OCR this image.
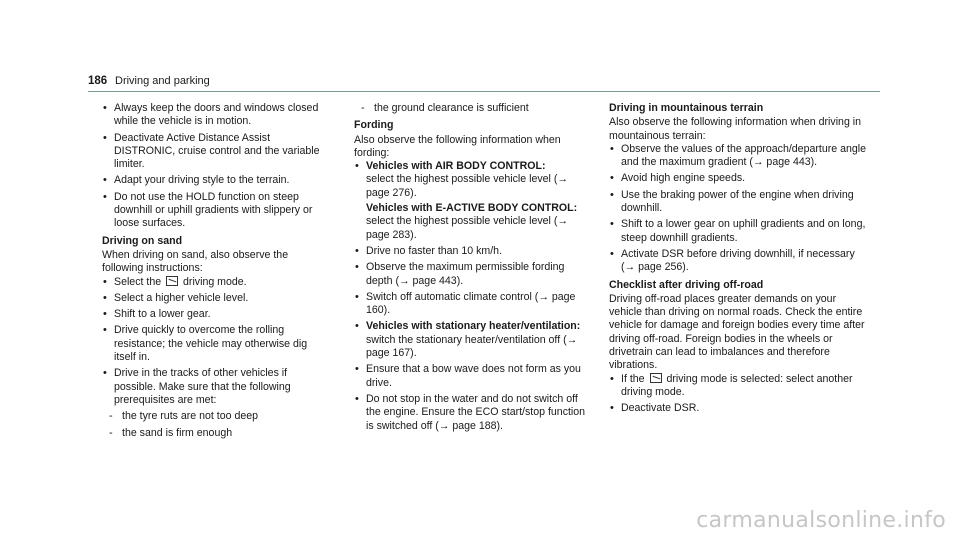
186 Driving and parking
• Always keep the doors and windows closed while the vehicle is in motion.
• Deactivate Active Distance Assist DISTRONIC, cruise control and the variable limiter.
• Adapt your driving style to the terrain.
• Do not use the HOLD function on steep downhill or uphill gradients with slippery or loose surfaces.

Driving on sand

When driving on sand, also observe the following instructions:

• Select the driving mode.
• Select a higher vehicle level.
• Shift to a lower gear.
• Drive quickly to overcome the rolling resistance; the vehicle may otherwise dig itself in.
• Drive in the tracks of other vehicles if possible. Make sure that the following prerequisites are met:
- the tyre ruts are not too deep
- the sand is firm enough
- the ground clearance is sufficient

Fording

Also observe the following information when fording:

• Vehicles with AIR BODY CONTROL:
select the highest possible vehicle level (→ page 276).
Vehicles with E-ACTIVE BODY CONTROL:
select the highest possible vehicle level (→ page 283).
• Drive no faster than 10 km/h.
• Observe the maximum permissible fording depth (→ page 443).
• Switch off automatic climate control (→ page 160).
• Vehicles with stationary heater/ventilation:
switch the stationary heater/ventilation off (→ page 167).
• Ensure that a bow wave does not form as you drive.
• Do not stop in the water and do not switch off the engine. Ensure the ECO start/stop function is switched off (→ page 188).

Driving in mountainous terrain

Also observe the following information when driving in mountainous terrain:

• Observe the values of the approach/departure angle and the maximum gradient (→ page 443).
• Avoid high engine speeds.
• Use the braking power of the engine when driving downhill.
• Shift to a lower gear on uphill gradients and on long, steep downhill gradients.
• Activate DSR before driving downhill, if necessary (→ page 256).

Checklist after driving off-road

Driving off-road places greater demands on your vehicle than driving on normal roads. Check the entire vehicle for damage and foreign bodies every time after driving off-road. Foreign bodies in the wheels or drivetrain can lead to imbalances and therefore vibrations.

• If the driving mode is selected: select another driving mode.
• Deactivate DSR.
carmanualsonline.info
